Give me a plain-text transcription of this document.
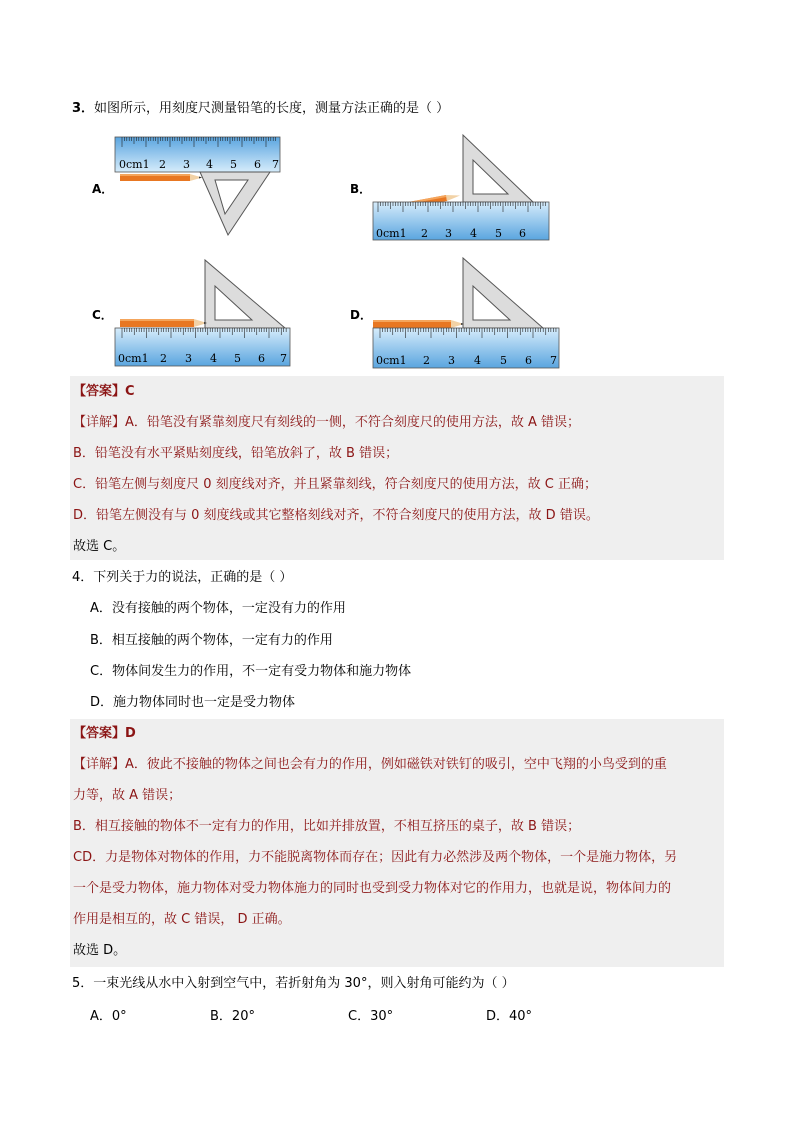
3．如图所示，用刻度尺测量铅笔的长度，测量方法正确的是（ ）
A．	B．
C．	D．
0cm1 2 3 4 5 6 7
0cm1 2 3 4 5 6
0cm1 2 3 4 5 6 7	0cm1 2 3 4 5 6 7
【答案】C
【详解】A．铅笔没有紧靠刻度尺有刻线的一侧，不符合刻度尺的使用方法，故 A 错误；
B．铅笔没有水平紧贴刻度线，铅笔放斜了，故 B 错误；
C．铅笔左侧与刻度尺 0 刻度线对齐，并且紧靠刻线，符合刻度尺的使用方法，故 C 正确；
D．铅笔左侧没有与 0 刻度线或其它整格刻线对齐，不符合刻度尺的使用方法，故 D 错误。
故选 C。
4．下列关于力的说法，正确的是（ ）
A．没有接触的两个物体，一定没有力的作用
B．相互接触的两个物体，一定有力的作用
C．物体间发生力的作用，不一定有受力物体和施力物体
D．施力物体同时也一定是受力物体
【答案】D
【详解】A．彼此不接触的物体之间也会有力的作用，例如磁铁对铁钉的吸引，空中飞翔的小鸟受到的重
力等，故 A 错误；
B．相互接触的物体不一定有力的作用，比如并排放置，不相互挤压的桌子，故 B 错误；
CD．力是物体对物体的作用，力不能脱离物体而存在；因此有力必然涉及两个物体，一个是施力物体，另
一个是受力物体，施力物体对受力物体施力的同时也受到受力物体对它的作用力，也就是说，物体间力的
作用是相互的，故 C 错误， D 正确。
故选 D。
5．一束光线从水中入射到空气中，若折射角为 30°，则入射角可能约为（ ）
A．0°	B．20°	C．30°	D．40°
